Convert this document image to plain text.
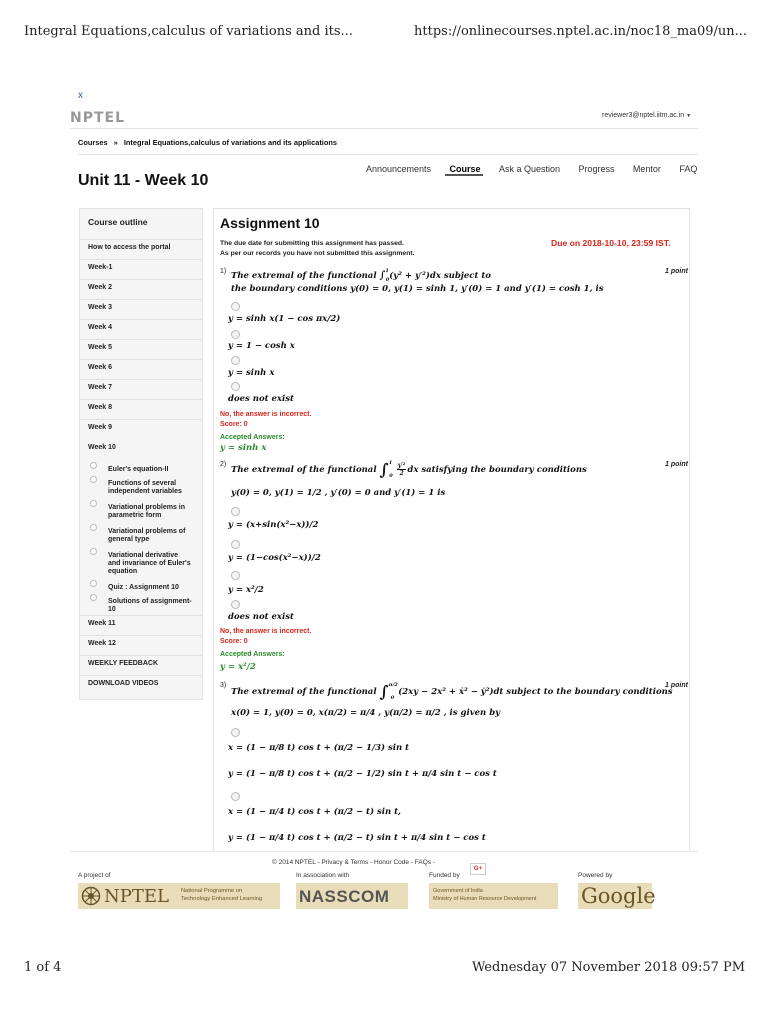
Integral Equations,calculus of variations and its...	https://onlinecourses.nptel.ac.in/noc18_ma09/un...
x
NPTEL	reviewer3@nptel.iitm.ac.in ▼
Courses » Integral Equations,calculus of variations and its applications
Announcements Course Ask a Question Progress Mentor FAQ
Unit 11 - Week 10
Course outline
How to access the portal
Week-1
Week 2
Week 3
Week 4
Week 5
Week 6
Week 7
Week 8
Week 9
Week 10
Euler's equation-II
Functions of several independent variables
Variational problems in parametric form
Variational problems of general type
Variational derivative and invariance of Euler's equation
Quiz : Assignment 10
Solutions of assignment-10
Week 11
Week 12
WEEKLY FEEDBACK
DOWNLOAD VIDEOS
Assignment 10
The due date for submitting this assignment has passed.
As per our records you have not submitted this assignment.
Due on 2018-10-10, 23:59 IST.
1)	1 point
The extremal of the functional ∫$^1_0$(y² + y′²)dx subject to
the boundary conditions y(0) = 0, y(1) = sinh 1, y′(0) = 1 and y′(1) = cosh 1, is
y = sinh x(1 − cos πx/2)
y = 1 − cosh x
y = sinh x
does not exist
No, the answer is incorrect.
Score: 0
Accepted Answers:
y = sinh x
2)	1 point
The extremal of the functional $\int^1_0 \frac{\text{y′²}}{2}$ dx satisfying the boundary conditions
y(0) = 0, y(1) = 1/2 , y′(0) = 0 and y′(1) = 1 is
y = (x+sin(x²−x))/2
y = (1−cos(x²−x))/2
y = x²/2
does not exist
No, the answer is incorrect.
Score: 0
Accepted Answers:
y = x²/2
3)	1 point
The extremal of the functional ∫$^{\pi/2}_0$(2xy − 2x² + ẋ² − ẏ²)dt subject to the boundary conditions
x(0) = 1, y(0) = 0, x(π/2) = π/4 , y(π/2) = π/2 , is given by
x = (1 − π/8 t) cos t + (π/2 − 1/3) sin t
y = (1 − π/8 t) cos t + (π/2 − 1/2) sin t + π/4 sin t − cos t
x = (1 − π/4 t) cos t + (π/2 − t) sin t,
y = (1 − π/4 t) cos t + (π/2 − t) sin t + π/4 sin t − cos t
© 2014 NPTEL - Privacy & Terms - Honor Code - FAQs -
G+
A project of	In association with	Funded by	Powered by
NPTEL National Programme on
Technology Enhanced Learning NASSCOM	Government of India
Ministry of Human Resource Development Google
1 of 4	Wednesday 07 November 2018 09:57 PM
